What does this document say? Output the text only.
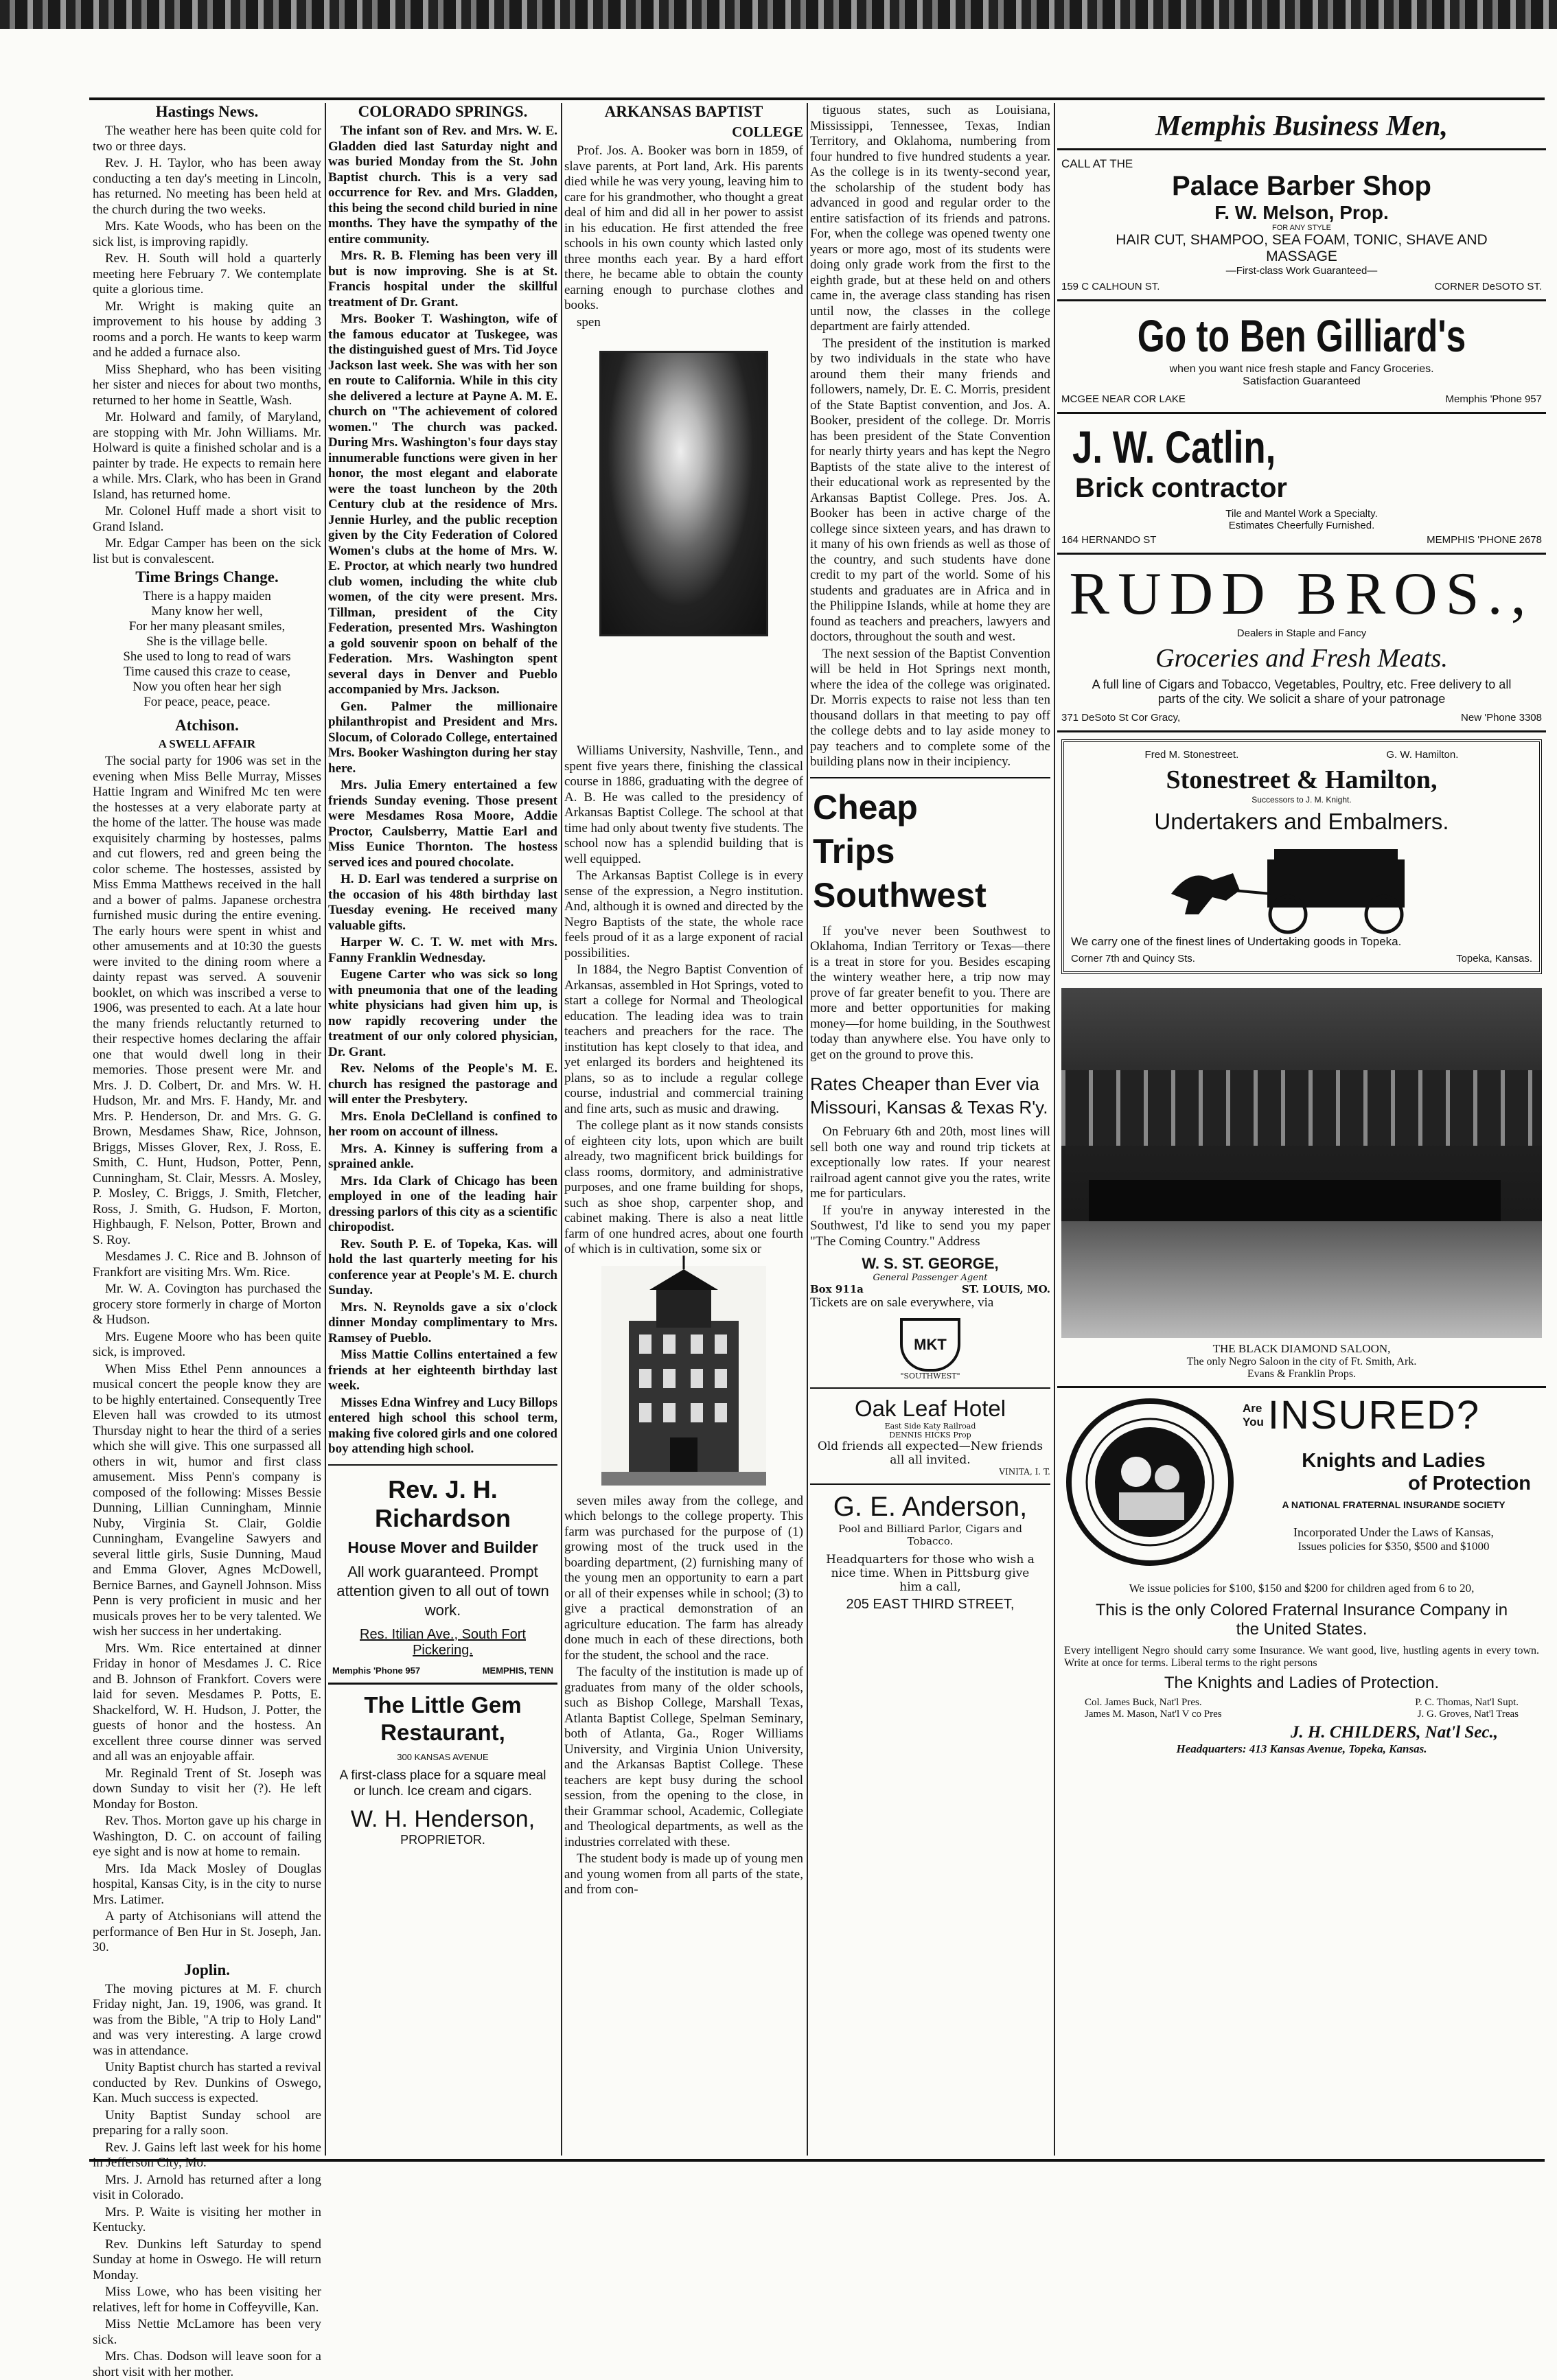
Hastings News.
The weather here has been quite cold for two or three days.
Rev. J. H. Taylor, who has been away conducting a ten day's meeting in Lincoln, has returned. No meeting has been held at the church during the two weeks.
Mrs. Kate Woods, who has been on the sick list, is improving rapidly.
Rev. H. South will hold a quarterly meeting here February 7. We contemplate quite a glorious time.
Mr. Wright is making quite an improvement to his house by adding 3 rooms and a porch. He wants to keep warm and he added a furnace also.
Miss Shephard, who has been visiting her sister and nieces for about two months, returned to her home in Seattle, Wash.
Mr. Holward and family, of Maryland, are stopping with Mr. John Williams. Mr. Holward is quite a finished scholar and is a painter by trade. He expects to remain here a while. Mrs. Clark, who has been in Grand Island, has returned home.
Mr. Colonel Huff made a short visit to Grand Island.
Mr. Edgar Camper has been on the sick list but is convalescent.
Time Brings Change.
There is a happy maiden
Many know her well,
For her many pleasant smiles,
She is the village belle.
She used to long to read of wars
Time caused this craze to cease,
Now you often hear her sigh
For peace, peace, peace.
Atchison.
A SWELL AFFAIR
The social party for 1906 was set in the evening when Miss Belle Murray, Misses Hattie Ingram and Winifred Mc ten were the hostesses at a very elaborate party at the home of the latter. The house was made exquisitely charming by hostesses, palms and cut flowers, red and green being the color scheme. The hostesses, assisted by Miss Emma Matthews received in the hall and a bower of palms. Japanese orchestra furnished music during the entire evening. The early hours were spent in whist and other amusements and at 10:30 the guests were invited to the dining room where a dainty repast was served. A souvenir booklet, on which was inscribed a verse to 1906, was presented to each. At a late hour the many friends reluctantly returned to their respective homes declaring the affair one that would dwell long in their memories. Those present were Mr. and Mrs. J. D. Colbert, Dr. and Mrs. W. H. Hudson, Mr. and Mrs. F. Handy, Mr. and Mrs. P. Henderson, Dr. and Mrs. G. G. Brown, Mesdames Shaw, Rice, Johnson, Briggs, Misses Glover, Rex, J. Ross, E. Smith, C. Hunt, Hudson, Potter, Penn, Cunningham, St. Clair, Messrs. A. Mosley, P. Mosley, C. Briggs, J. Smith, Fletcher, Ross, J. Smith, G. Hudson, F. Morton, Highbaugh, F. Nelson, Potter, Brown and S. Roy.
Mesdames J. C. Rice and B. Johnson of Frankfort are visiting Mrs. Wm. Rice.
Mr. W. A. Covington has purchased the grocery store formerly in charge of Morton & Hudson.
Mrs. Eugene Moore who has been quite sick, is improved.
When Miss Ethel Penn announces a musical concert the people know they are to be highly entertained. Consequently Tree Eleven hall was crowded to its utmost Thursday night to hear the third of a series which she will give. This one surpassed all others in wit, humor and first class amusement. Miss Penn's company is composed of the following: Misses Bessie Dunning, Lillian Cunningham, Minnie Nuby, Virginia St. Clair, Goldie Cunningham, Evangeline Sawyers and several little girls, Susie Dunning, Maud and Emma Glover, Agnes McDowell, Bernice Barnes, and Gaynell Johnson. Miss Penn is very proficient in music and her musicals proves her to be very talented. We wish her success in her undertaking.
Mrs. Wm. Rice entertained at dinner Friday in honor of Mesdames J. C. Rice and B. Johnson of Frankfort. Covers were laid for seven. Mesdames P. Potts, E. Shackelford, W. H. Hudson, J. Potter, the guests of honor and the hostess. An excellent three course dinner was served and all was an enjoyable affair.
Mr. Reginald Trent of St. Joseph was down Sunday to visit her (?). He left Monday for Boston.
Rev. Thos. Morton gave up his charge in Washington, D. C. on account of failing eye sight and is now at home to remain.
Mrs. Ida Mack Mosley of Douglas hospital, Kansas City, is in the city to nurse Mrs. Latimer.
A party of Atchisonians will attend the performance of Ben Hur in St. Joseph, Jan. 30.
Joplin.
The moving pictures at M. F. church Friday night, Jan. 19, 1906, was grand. It was from the Bible, "A trip to Holy Land" and was very interesting. A large crowd was in attendance.
Unity Baptist church has started a revival conducted by Rev. Dunkins of Oswego, Kan. Much success is expected.
Unity Baptist Sunday school are preparing for a rally soon.
Rev. J. Gains left last week for his home in Jefferson City, Mo.
Mrs. J. Arnold has returned after a long visit in Colorado.
Mrs. P. Waite is visiting her mother in Kentucky.
Rev. Dunkins left Saturday to spend Sunday at home in Oswego. He will return Monday.
Miss Lowe, who has been visiting her relatives, left for home in Coffeyville, Kan.
Miss Nettie McLamore has been very sick.
Mrs. Chas. Dodson will leave soon for a short visit with her mother.
COLORADO SPRINGS.
The infant son of Rev. and Mrs. W. E. Gladden died last Saturday night and was buried Monday from the St. John Baptist church. This is a very sad occurrence for Rev. and Mrs. Gladden, this being the second child buried in nine months. They have the sympathy of the entire community.
Mrs. R. B. Fleming has been very ill but is now improving. She is at St. Francis hospital under the skillful treatment of Dr. Grant.
Mrs. Booker T. Washington, wife of the famous educator at Tuskegee, was the distinguished guest of Mrs. Tid Joyce Jackson last week. She was with her son en route to California. While in this city she delivered a lecture at Payne A. M. E. church on "The achievement of colored women." The church was packed. During Mrs. Washington's four days stay innumerable functions were given in her honor, the most elegant and elaborate were the toast luncheon by the 20th Century club at the residence of Mrs. Jennie Hurley, and the public reception given by the City Federation of Colored Women's clubs at the home of Mrs. W. E. Proctor, at which nearly two hundred club women, including the white club women, of the city were present. Mrs. Tillman, president of the City Federation, presented Mrs. Washington a gold souvenir spoon on behalf of the Federation. Mrs. Washington spent several days in Denver and Pueblo accompanied by Mrs. Jackson.
Gen. Palmer the millionaire philanthropist and President and Mrs. Slocum, of Colorado College, entertained Mrs. Booker Washington during her stay here.
Mrs. Julia Emery entertained a few friends Sunday evening. Those present were Mesdames Rosa Moore, Addie Proctor, Caulsberry, Mattie Earl and Miss Eunice Thornton. The hostess served ices and poured chocolate.
H. D. Earl was tendered a surprise on the occasion of his 48th birthday last Tuesday evening. He received many valuable gifts.
Harper W. C. T. W. met with Mrs. Fanny Franklin Wednesday.
Eugene Carter who was sick so long with pneumonia that one of the leading white physicians had given him up, is now rapidly recovering under the treatment of our only colored physician, Dr. Grant.
Rev. Neloms of the People's M. E. church has resigned the pastorage and will enter the Presbytery.
Mrs. Enola DeClelland is confined to her room on account of illness.
Mrs. A. Kinney is suffering from a sprained ankle.
Mrs. Ida Clark of Chicago has been employed in one of the leading hair dressing parlors of this city as a scientific chiropodist.
Rev. South P. E. of Topeka, Kas. will hold the last quarterly meeting for his conference year at People's M. E. church Sunday.
Mrs. N. Reynolds gave a six o'clock dinner Monday complimentary to Mrs. Ramsey of Pueblo.
Miss Mattie Collins entertained a few friends at her eighteenth birthday last week.
Misses Edna Winfrey and Lucy Billops entered high school this school term, making five colored girls and one colored boy attending high school.
Rev. J. H. Richardson
House Mover and Builder
All work guaranteed. Prompt attention given to all out of town work.
Res. Itilian Ave., South Fort Pickering.
Memphis 'Phone 957	MEMPHIS, TENN
The Little Gem Restaurant,
300 KANSAS AVENUE
A first-class place for a square meal or lunch. Ice cream and cigars.
W. H. Henderson,
PROPRIETOR.
ARKANSAS BAPTIST
COLLEGE
Prof. Jos. A. Booker was born in 1859, of slave parents, at Port land, Ark. His parents died while he was very young, leaving him to care for his grandmother, who thought a great deal of him and did all in her power to assist in his education. He first attended the free schools in his own county which lasted only three months each year. By a hard effort there, he became able to obtain the county earning enough to purchase clothes and books.
spen
Williams University, Nashville, Tenn., and spent five years there, finishing the classical course in 1886, graduating with the degree of A. B. He was called to the presidency of Arkansas Baptist College. The school at that time had only about twenty five students. The school now has a splendid building that is well equipped.
The Arkansas Baptist College is in every sense of the expression, a Negro institution. And, although it is owned and directed by the Negro Baptists of the state, the whole race feels proud of it as a large exponent of racial possibilities.
In 1884, the Negro Baptist Convention of Arkansas, assembled in Hot Springs, voted to start a college for Normal and Theological education. The leading idea was to train teachers and preachers for the race. The institution has kept closely to that idea, and yet enlarged its borders and heightened its plans, so as to include a regular college course, industrial and commercial training and fine arts, such as music and drawing.
The college plant as it now stands consists of eighteen city lots, upon which are built already, two magnificent brick buildings for class rooms, dormitory, and administrative purposes, and one frame building for shops, such as shoe shop, carpenter shop, and cabinet making. There is also a neat little farm of one hundred acres, about one fourth of which is in cultivation, some six or
seven miles away from the college, and which belongs to the college property. This farm was purchased for the purpose of (1) growing most of the truck used in the boarding department, (2) furnishing many of the young men an opportunity to earn a part or all of their expenses while in school; (3) to give a practical demonstration of an agriculture education. The farm has already done much in each of these directions, both for the student, the school and the race.
The faculty of the institution is made up of graduates from many of the older schools, such as Bishop College, Marshall Texas, Atlanta Baptist College, Spelman Seminary, both of Atlanta, Ga., Roger Williams University, and Virginia Union University, and the Arkansas Baptist College. These teachers are kept busy during the school session, from the opening to the close, in their Grammar school, Academic, Collegiate and Theological departments, as well as the industries correlated with these.
The student body is made up of young men and young women from all parts of the state, and from con-
tiguous states, such as Louisiana, Mississippi, Tennessee, Texas, Indian Territory, and Oklahoma, numbering from four hundred to five hundred students a year. As the college is in its twenty-second year, the scholarship of the student body has advanced in good and regular order to the entire satisfaction of its friends and patrons. For, when the college was opened twenty one years or more ago, most of its students were doing only grade work from the first to the eighth grade, but at these held on and others came in, the average class standing has risen until now, the classes in the college department are fairly attended.
The president of the institution is marked by two individuals in the state who have around them their many friends and followers, namely, Dr. E. C. Morris, president of the State Baptist convention, and Jos. A. Booker, president of the college. Dr. Morris has been president of the State Convention for nearly thirty years and has kept the Negro Baptists of the state alive to the interest of their educational work as represented by the Arkansas Baptist College. Pres. Jos. A. Booker has been in active charge of the college since sixteen years, and has drawn to it many of his own friends as well as those of the country, and such students have done credit to my part of the world. Some of his students and graduates are in Africa and in the Philippine Islands, while at home they are found as teachers and preachers, lawyers and doctors, throughout the south and west.
The next session of the Baptist Convention will be held in Hot Springs next month, where the idea of the college was originated. Dr. Morris expects to raise not less than ten thousand dollars in that meeting to pay off the college debts and to lay aside money to pay teachers and to complete some of the building plans now in their incipiency.
Cheap
Trips
Southwest
If you've never been Southwest to Oklahoma, Indian Territory or Texas—there is a treat in store for you. Besides escaping the wintery weather here, a trip now may prove of far greater benefit to you. There are more and better opportunities for making money—for home building, in the Southwest today than anywhere else. You have only to get on the ground to prove this.
Rates Cheaper than Ever via Missouri, Kansas & Texas R'y.
On February 6th and 20th, most lines will sell both one way and round trip tickets at exceptionally low rates. If your nearest railroad agent cannot give you the rates, write me for particulars.
If you're in anyway interested in the Southwest, I'd like to send you my paper "The Coming Country." Address
W. S. ST. GEORGE,
General Passenger Agent
Box 911a	ST. LOUIS, MO.
Tickets are on sale everywhere, via
MKT
"SOUTHWEST"
Oak Leaf Hotel
East Side Katy Railroad
DENNIS HICKS Prop
Old friends all expected—New friends all all invited.
VINITA, I. T.
G. E. Anderson,
Pool and Billiard Parlor, Cigars and Tobacco.
Headquarters for those who wish a nice time. When in Pittsburg give him a call,
205 EAST THIRD STREET,
Memphis Business Men,
CALL AT THE
Palace Barber Shop
F. W. Melson, Prop.
FOR ANY STYLE
HAIR CUT, SHAMPOO, SEA FOAM, TONIC, SHAVE AND MASSAGE
—First-class Work Guaranteed—
159 C CALHOUN ST.	CORNER DeSOTO ST.
Go to Ben Gilliard's
when you want nice fresh staple and Fancy Groceries. Satisfaction Guaranteed
MCGEE NEAR COR LAKE	Memphis 'Phone 957
J. W. Catlin,
Brick contractor
Tile and Mantel Work a Specialty.
Estimates Cheerfully Furnished.
164 HERNANDO ST	MEMPHIS 'PHONE 2678
RUDD BROS.,
Dealers in Staple and Fancy
Groceries and Fresh Meats.
A full line of Cigars and Tobacco, Vegetables, Poultry, etc. Free delivery to all parts of the city. We solicit a share of your patronage
371 DeSoto St Cor Gracy,	New 'Phone 3308
Fred M. Stonestreet.	G. W. Hamilton.
Stonestreet & Hamilton,
Successors to J. M. Knight.
Undertakers and Embalmers.
We carry one of the finest lines of Undertaking goods in Topeka.
Corner 7th and Quincy Sts.	Topeka, Kansas.
THE BLACK DIAMOND SALOON,
The only Negro Saloon in the city of Ft. Smith, Ark.
Evans & Franklin Props.
Are
You INSURED?
Knights and Ladies
of Protection
A NATIONAL FRATERNAL INSURANDE SOCIETY
Incorporated Under the Laws of Kansas,
Issues policies for $350, $500 and $1000
We issue policies for $100, $150 and $200 for children aged from 6 to 20,
This is the only Colored Fraternal Insurance Company in the United States.
Every intelligent Negro should carry some Insurance. We want good, live, hustling agents in every town. Write at once for terms. Liberal terms to the right persons
The Knights and Ladies of Protection.
Col. James Buck, Nat'l Pres.	P. C. Thomas, Nat'l Supt.
James M. Mason, Nat'l V co Pres	J. G. Groves, Nat'l Treas
J. H. CHILDERS, Nat'l Sec.,
Headquarters: 413 Kansas Avenue, Topeka, Kansas.
